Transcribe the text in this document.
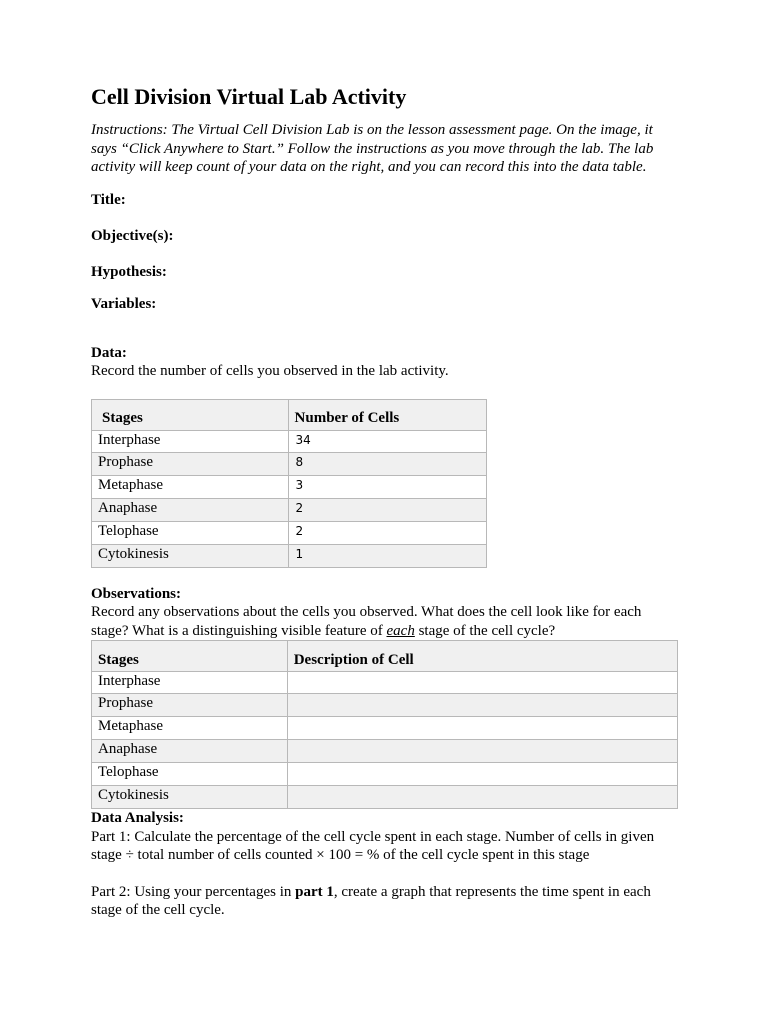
Cell Division Virtual Lab Activity

Instructions: The Virtual Cell Division Lab is on the lesson assessment page. On the image, it says “Click Anywhere to Start.” Follow the instructions as you move through the lab. The lab activity will keep count of your data on the right, and you can record this into the data table.

Title:

Objective(s):

Hypothesis:

Variables:

Data:

Record the number of cells you observed in the lab activity.

Stages	Number of Cells
Interphase	34
Prophase	8
Metaphase	3
Anaphase	2
Telophase	2
Cytokinesis	1

Observations:

Record any observations about the cells you observed. What does the cell look like for each stage? What is a distinguishing visible feature of each stage of the cell cycle?

Stages	Description of Cell
Interphase	
Prophase	
Metaphase	
Anaphase	
Telophase	
Cytokinesis	

Data Analysis:

Part 1: Calculate the percentage of the cell cycle spent in each stage. Number of cells in given stage ÷ total number of cells counted × 100 = % of the cell cycle spent in this stage

Part 2: Using your percentages in part 1, create a graph that represents the time spent in each stage of the cell cycle.
